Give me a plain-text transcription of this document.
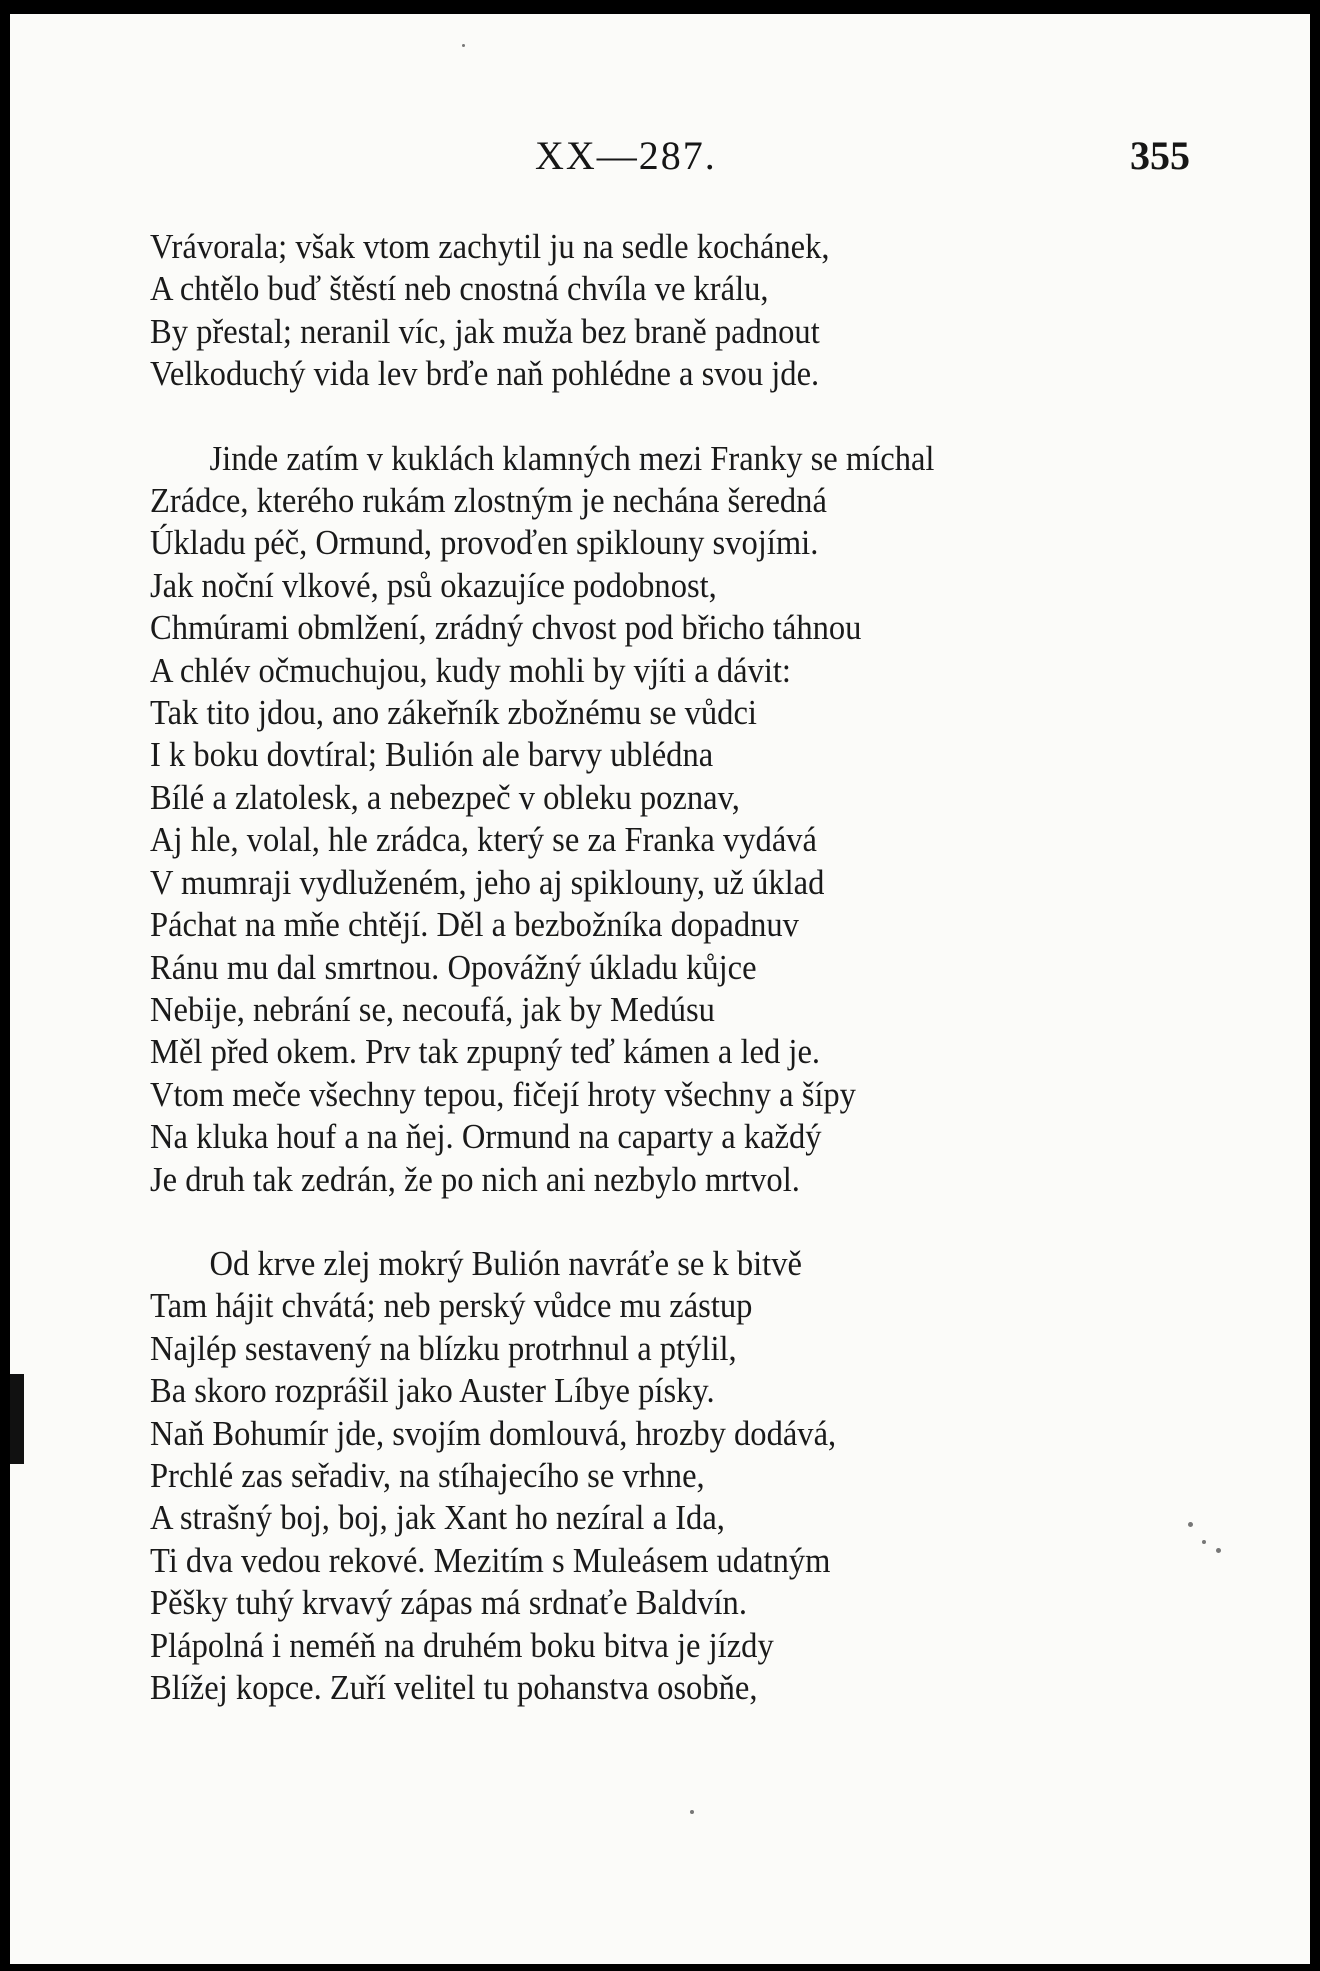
XX—287.	355
Vrávorala; však vtom zachytil ju na sedle kochánek,
A chtělo buď štěstí neb cnostná chvíla ve králu,
By přestal; neranil víc, jak muža bez braně padnout
Velkoduchý vida lev brďe naň pohlédne a svou jde.
Jinde zatím v kuklách klamných mezi Franky se míchal
Zrádce, kterého rukám zlostným je nechána šeredná
Úkladu péč, Ormund, provoďen spiklouny svojími.
Jak noční vlkové, psů okazujíce podobnost,
Chmúrami obmlžení, zrádný chvost pod břicho táhnou
A chlév očmuchujou, kudy mohli by vjíti a dávit:
Tak tito jdou, ano zákeřník zbožnému se vůdci
I k boku dovtíral; Bulión ale barvy ublédna
Bílé a zlatolesk, a nebezpeč v obleku poznav,
Aj hle, volal, hle zrádca, který se za Franka vydává
V mumraji vydluženém, jeho aj spiklouny, už úklad
Páchat na mňe chtějí. Děl a bezbožníka dopadnuv
Ránu mu dal smrtnou. Opovážný úkladu kůjce
Nebije, nebrání se, necoufá, jak by Medúsu
Měl před okem. Prv tak zpupný teď kámen a led je.
Vtom meče všechny tepou, fičejí hroty všechny a šípy
Na kluka houf a na ňej. Ormund na caparty a každý
Je druh tak zedrán, že po nich ani nezbylo mrtvol.
Od krve zlej mokrý Bulión navráťe se k bitvě
Tam hájit chvátá; neb perský vůdce mu zástup
Najlép sestavený na blízku protrhnul a ptýlil,
Ba skoro rozprášil jako Auster Líbye písky.
Naň Bohumír jde, svojím domlouvá, hrozby dodává,
Prchlé zas seřadiv, na stíhajecího se vrhne,
A strašný boj, boj, jak Xant ho nezíral a Ida,
Ti dva vedou rekové. Mezitím s Muleásem udatným
Pěšky tuhý krvavý zápas má srdnaťe Baldvín.
Plápolná i neméň na druhém boku bitva je jízdy
Blížej kopce. Zuří velitel tu pohanstva osobňe,
